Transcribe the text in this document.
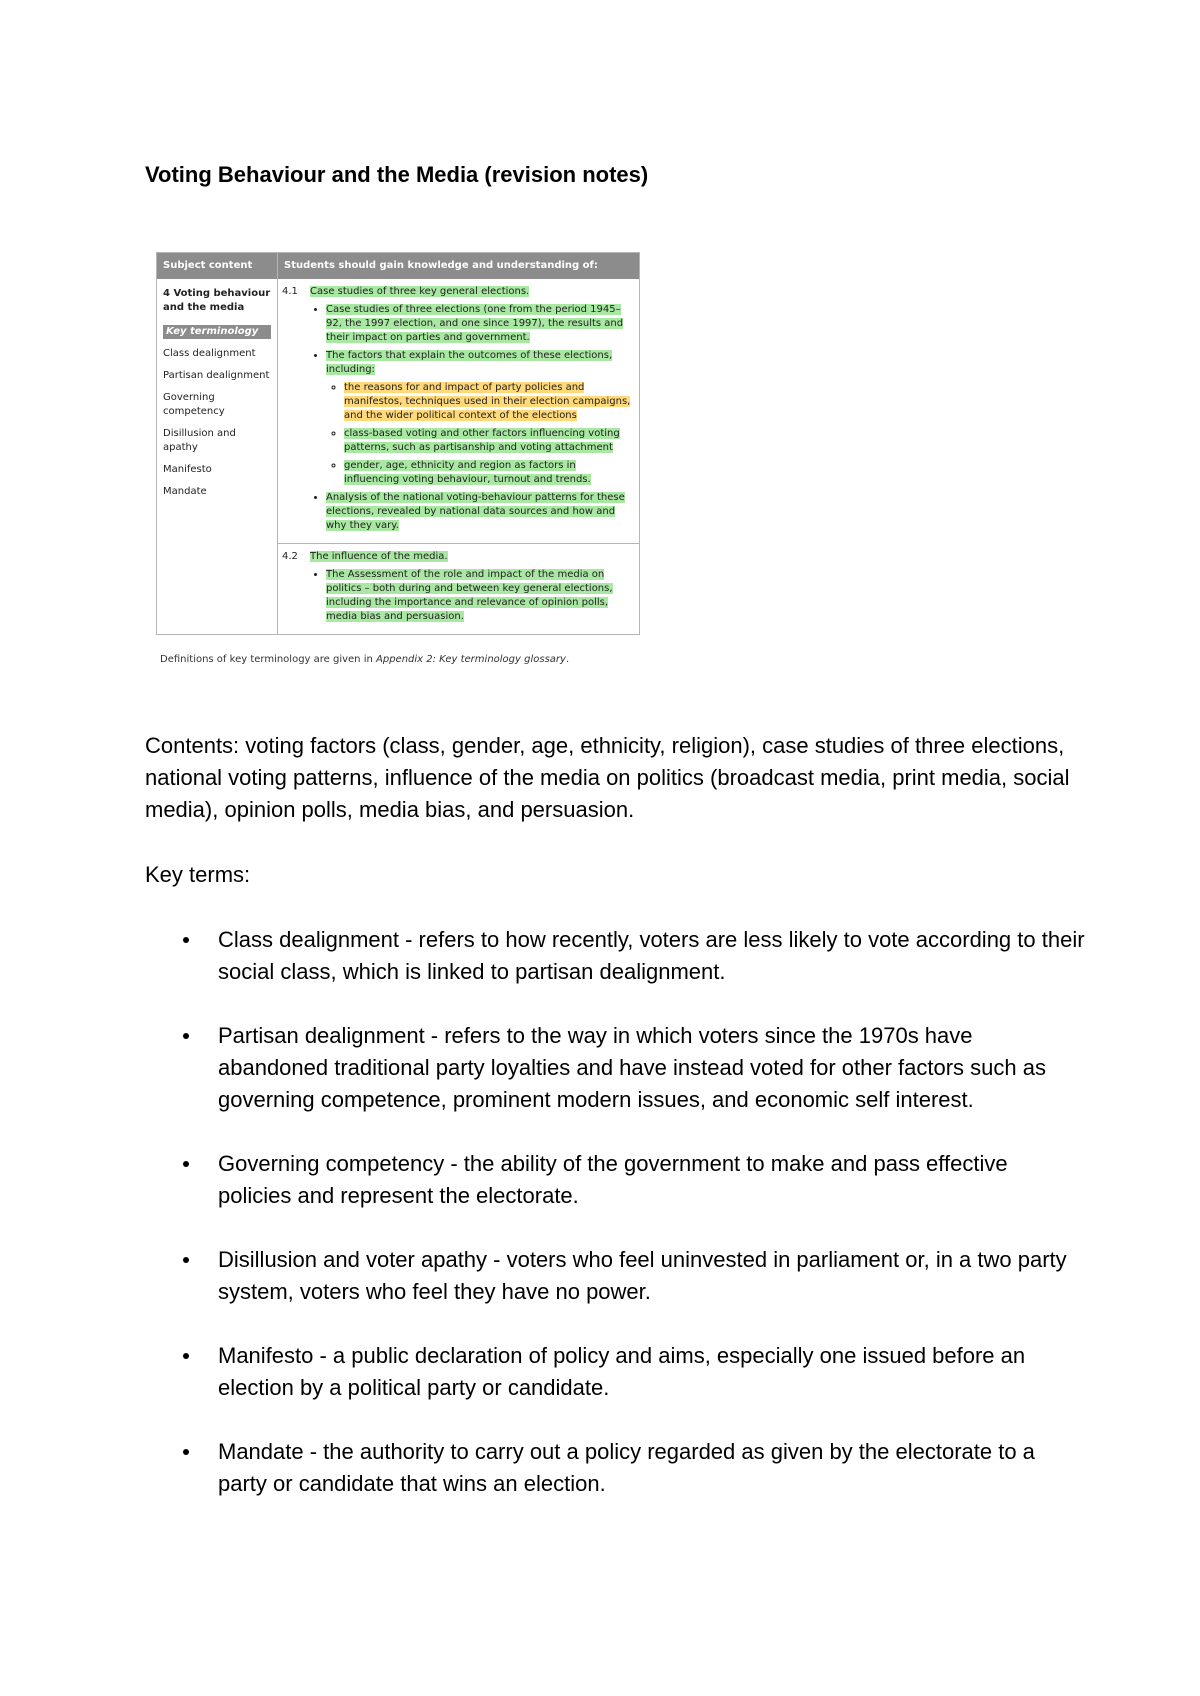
Voting Behaviour and the Media (revision notes)
Subject content	Students should gain knowledge and understanding of:
4 Voting behaviour and the media
Key terminology
Class dealignment
Partisan dealignment
Governing competency
Disillusion and apathy
Manifesto
Mandate
4.1	Case studies of three key general elections.
• Case studies of three elections (one from the period 1945–92, the 1997 election, and one since 1997), the results and their impact on parties and government.
• The factors that explain the outcomes of these elections, including:
◦ the reasons for and impact of party policies and manifestos, techniques used in their election campaigns, and the wider political context of the elections
◦ class-based voting and other factors influencing voting patterns, such as partisanship and voting attachment
◦ gender, age, ethnicity and region as factors in influencing voting behaviour, turnout and trends.
• Analysis of the national voting-behaviour patterns for these elections, revealed by national data sources and how and why they vary.
4.2	The influence of the media.
• The Assessment of the role and impact of the media on politics – both during and between key general elections, including the importance and relevance of opinion polls, media bias and persuasion.
Definitions of key terminology are given in Appendix 2: Key terminology glossary.

Contents: voting factors (class, gender, age, ethnicity, religion), case studies of three elections, national voting patterns, influence of the media on politics (broadcast media, print media, social media), opinion polls, media bias, and persuasion.

Key terms:

Class dealignment - refers to how recently, voters are less likely to vote according to their social class, which is linked to partisan dealignment.
Partisan dealignment - refers to the way in which voters since the 1970s have abandoned traditional party loyalties and have instead voted for other factors such as governing competence, prominent modern issues, and economic self interest.
Governing competency - the ability of the government to make and pass effective policies and represent the electorate.
Disillusion and voter apathy - voters who feel uninvested in parliament or, in a two party system, voters who feel they have no power.
Manifesto - a public declaration of policy and aims, especially one issued before an election by a political party or candidate.
Mandate - the authority to carry out a policy regarded as given by the electorate to a party or candidate that wins an election.
